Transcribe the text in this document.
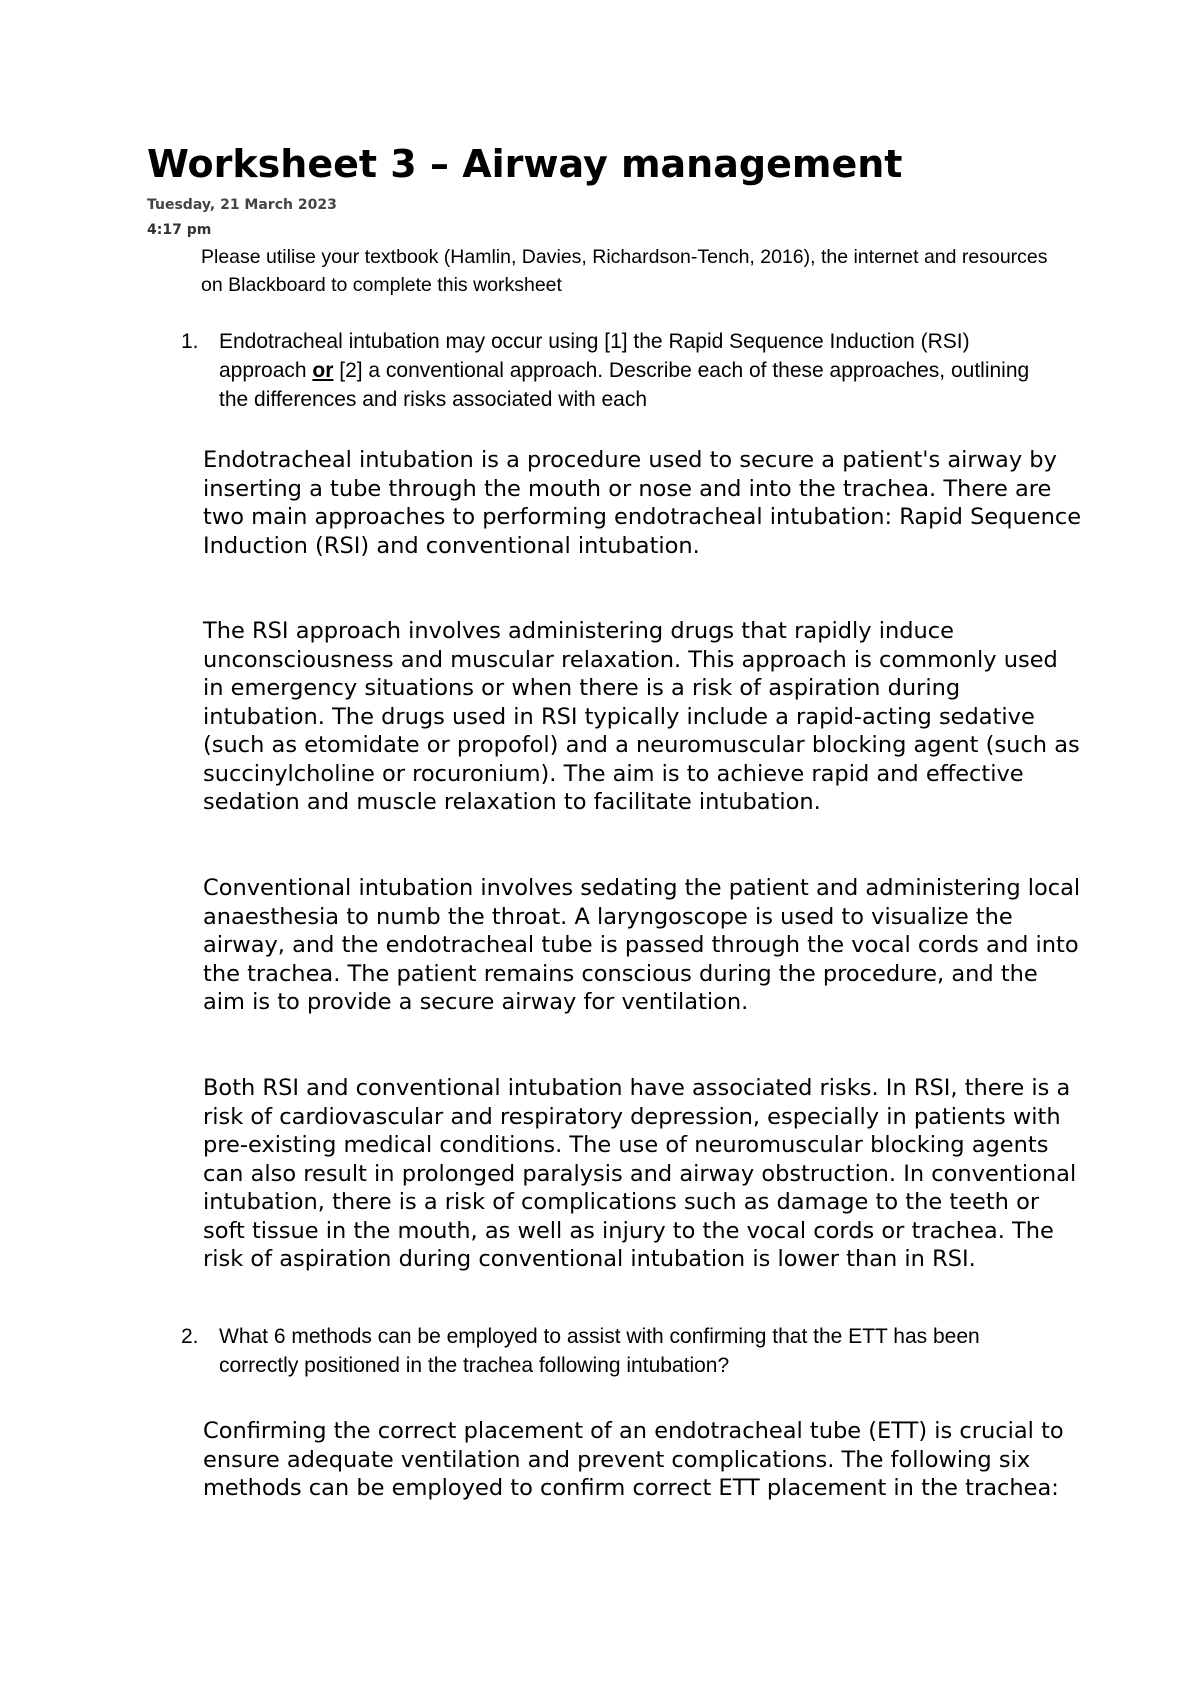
Worksheet 3 – Airway management
Tuesday, 21 March 2023
4:17 pm

Please utilise your textbook (Hamlin, Davies, Richardson-Tench, 2016), the internet and resources on Blackboard to complete this worksheet

1. Endotracheal intubation may occur using [1] the Rapid Sequence Induction (RSI) approach or [2] a conventional approach. Describe each of these approaches, outlining the differences and risks associated with each

Endotracheal intubation is a procedure used to secure a patient's airway by inserting a tube through the mouth or nose and into the trachea. There are two main approaches to performing endotracheal intubation: Rapid Sequence Induction (RSI) and conventional intubation.

The RSI approach involves administering drugs that rapidly induce unconsciousness and muscular relaxation. This approach is commonly used in emergency situations or when there is a risk of aspiration during intubation. The drugs used in RSI typically include a rapid-acting sedative (such as etomidate or propofol) and a neuromuscular blocking agent (such as succinylcholine or rocuronium). The aim is to achieve rapid and effective sedation and muscle relaxation to facilitate intubation.

Conventional intubation involves sedating the patient and administering local anaesthesia to numb the throat. A laryngoscope is used to visualize the airway, and the endotracheal tube is passed through the vocal cords and into the trachea. The patient remains conscious during the procedure, and the aim is to provide a secure airway for ventilation.

Both RSI and conventional intubation have associated risks. In RSI, there is a risk of cardiovascular and respiratory depression, especially in patients with pre-existing medical conditions. The use of neuromuscular blocking agents can also result in prolonged paralysis and airway obstruction. In conventional intubation, there is a risk of complications such as damage to the teeth or soft tissue in the mouth, as well as injury to the vocal cords or trachea. The risk of aspiration during conventional intubation is lower than in RSI.

2. What 6 methods can be employed to assist with confirming that the ETT has been correctly positioned in the trachea following intubation?

Confirming the correct placement of an endotracheal tube (ETT) is crucial to ensure adequate ventilation and prevent complications. The following six methods can be employed to confirm correct ETT placement in the trachea:
